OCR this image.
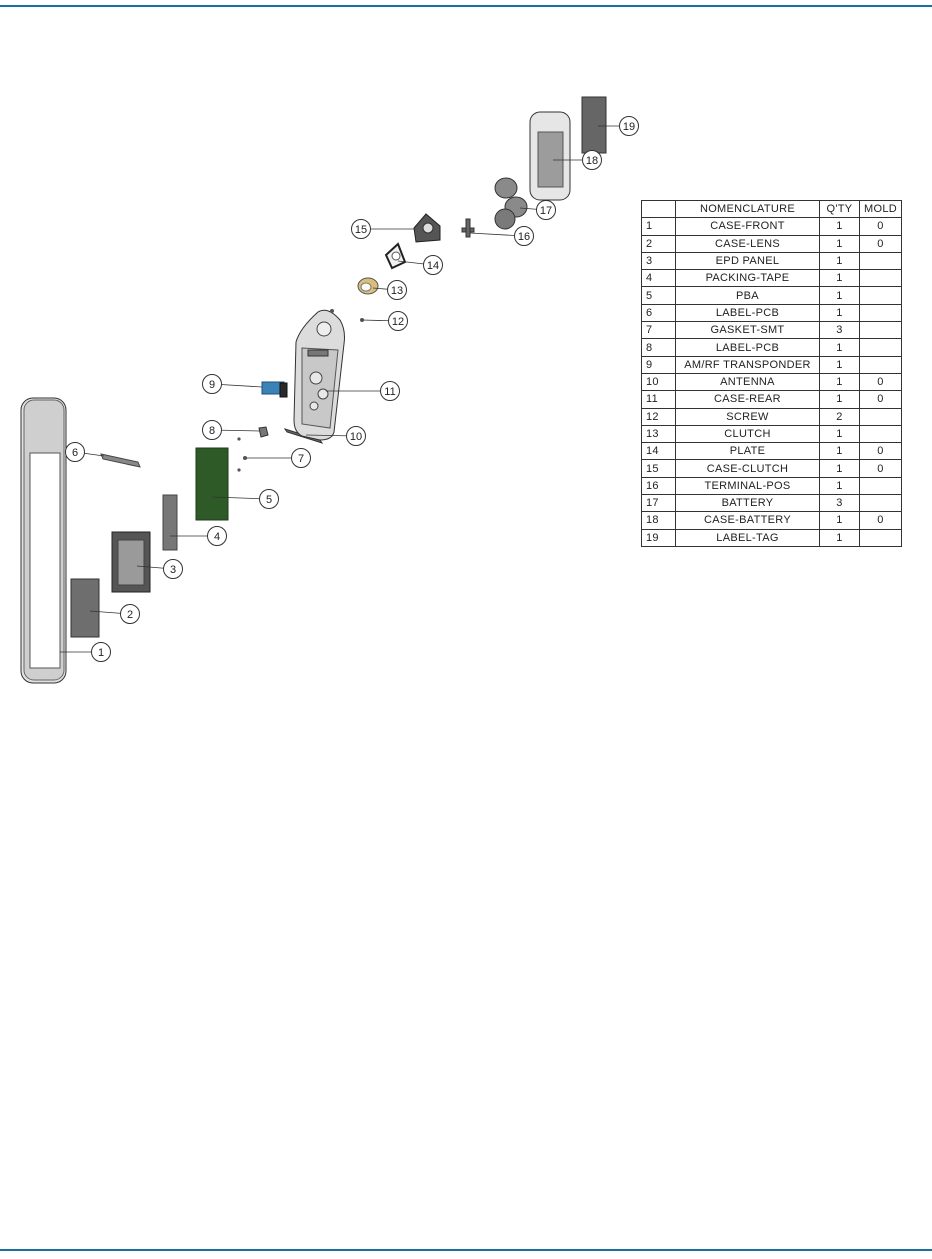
1
2
3
4
5
6	7
8
9
10
11
12
13
14
15
16
17
18
19
	NOMENCLATURE	Q'TY	MOLD
1	CASE-FRONT	1	0
2	CASE-LENS	1	0
3	EPD PANEL	1	
4	PACKING-TAPE	1	
5	PBA	1	
6	LABEL-PCB	1	
7	GASKET-SMT	3	
8	LABEL-PCB	1	
9	AM/RF TRANSPONDER	1	
10	ANTENNA	1	0
11	CASE-REAR	1	0
12	SCREW	2	
13	CLUTCH	1	
14	PLATE	1	0
15	CASE-CLUTCH	1	0
16	TERMINAL-POS	1	
17	BATTERY	3	
18	CASE-BATTERY	1	0
19	LABEL-TAG	1	
